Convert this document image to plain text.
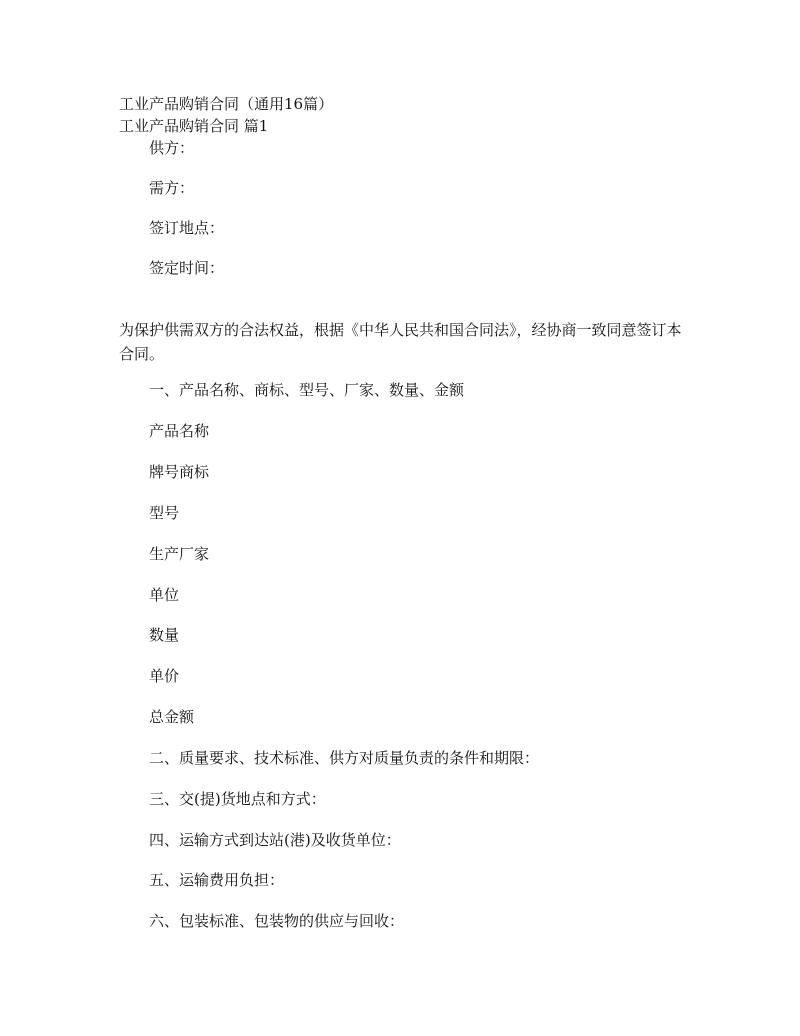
工业产品购销合同（通用16篇）
工业产品购销合同 篇1
供方：
需方：
签订地点：
签定时间：
为保护供需双方的合法权益，根据《中华人民共和国合同法》，经协商一致同意签订本合同。
一、产品名称、商标、型号、厂家、数量、金额
产品名称
牌号商标
型号
生产厂家
单位
数量
单价
总金额
二、质量要求、技术标准、供方对质量负责的条件和期限：
三、交(提)货地点和方式：
四、运输方式到达站(港)及收货单位：
五、运输费用负担：
六、包装标准、包装物的供应与回收：
